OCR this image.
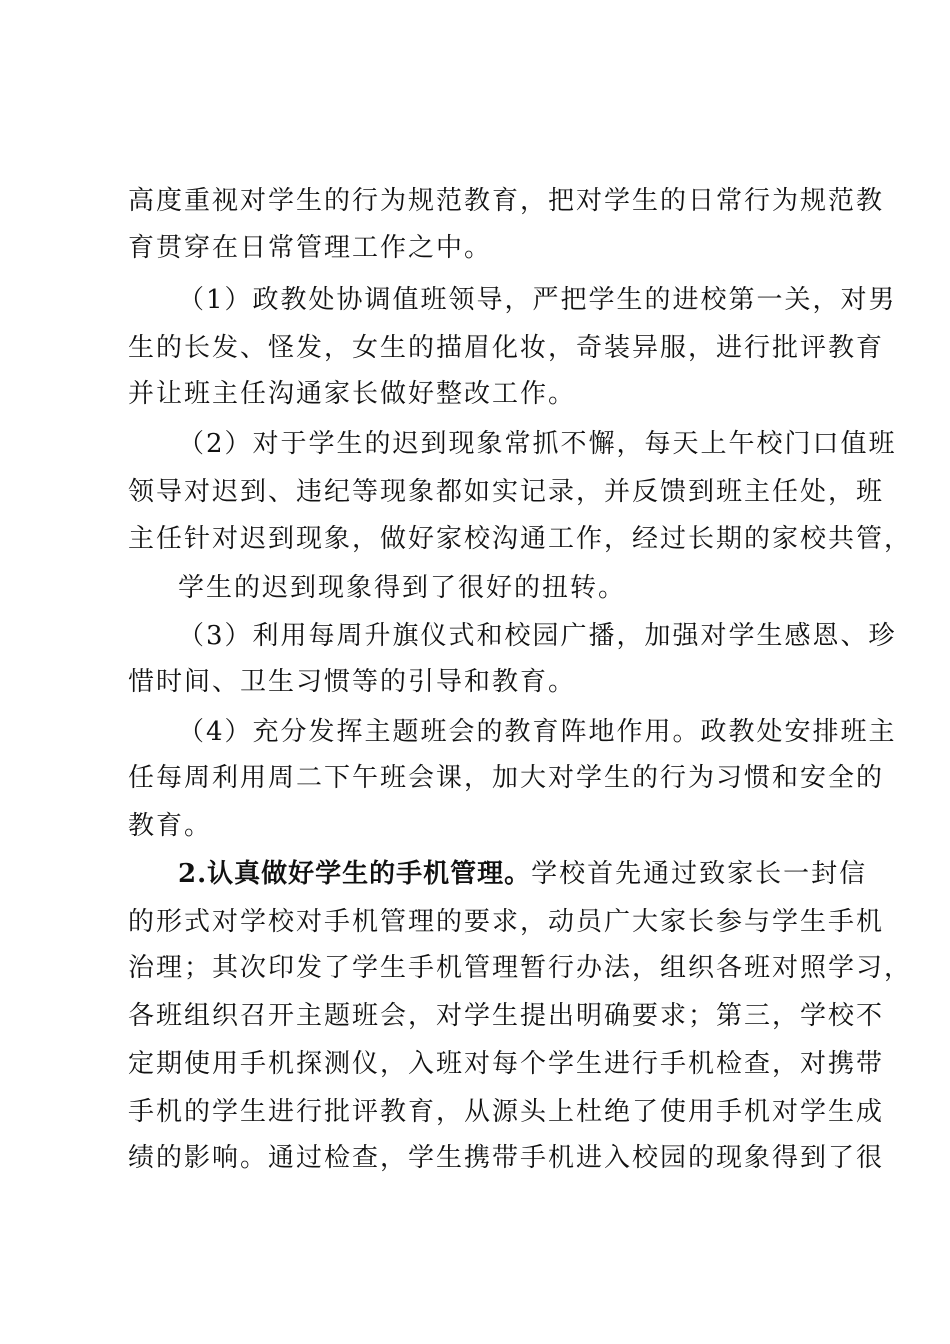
高度重视对学生的行为规范教育，把对学生的日常行为规范教
育贯穿在日常管理工作之中。
（1）政教处协调值班领导，严把学生的进校第一关，对男
生的长发、怪发，女生的描眉化妆，奇装异服，进行批评教育
并让班主任沟通家长做好整改工作。
（2）对于学生的迟到现象常抓不懈，每天上午校门口值班
领导对迟到、违纪等现象都如实记录，并反馈到班主任处，班
主任针对迟到现象，做好家校沟通工作，经过长期的家校共管，
学生的迟到现象得到了很好的扭转。
（3）利用每周升旗仪式和校园广播，加强对学生感恩、珍
惜时间、卫生习惯等的引导和教育。
（4）充分发挥主题班会的教育阵地作用。政教处安排班主
任每周利用周二下午班会课，加大对学生的行为习惯和安全的
教育。
2.认真做好学生的手机管理。学校首先通过致家长一封信
的形式对学校对手机管理的要求，动员广大家长参与学生手机
治理；其次印发了学生手机管理暂行办法，组织各班对照学习，
各班组织召开主题班会，对学生提出明确要求；第三，学校不
定期使用手机探测仪，入班对每个学生进行手机检查，对携带
手机的学生进行批评教育，从源头上杜绝了使用手机对学生成
绩的影响。通过检查，学生携带手机进入校园的现象得到了很
